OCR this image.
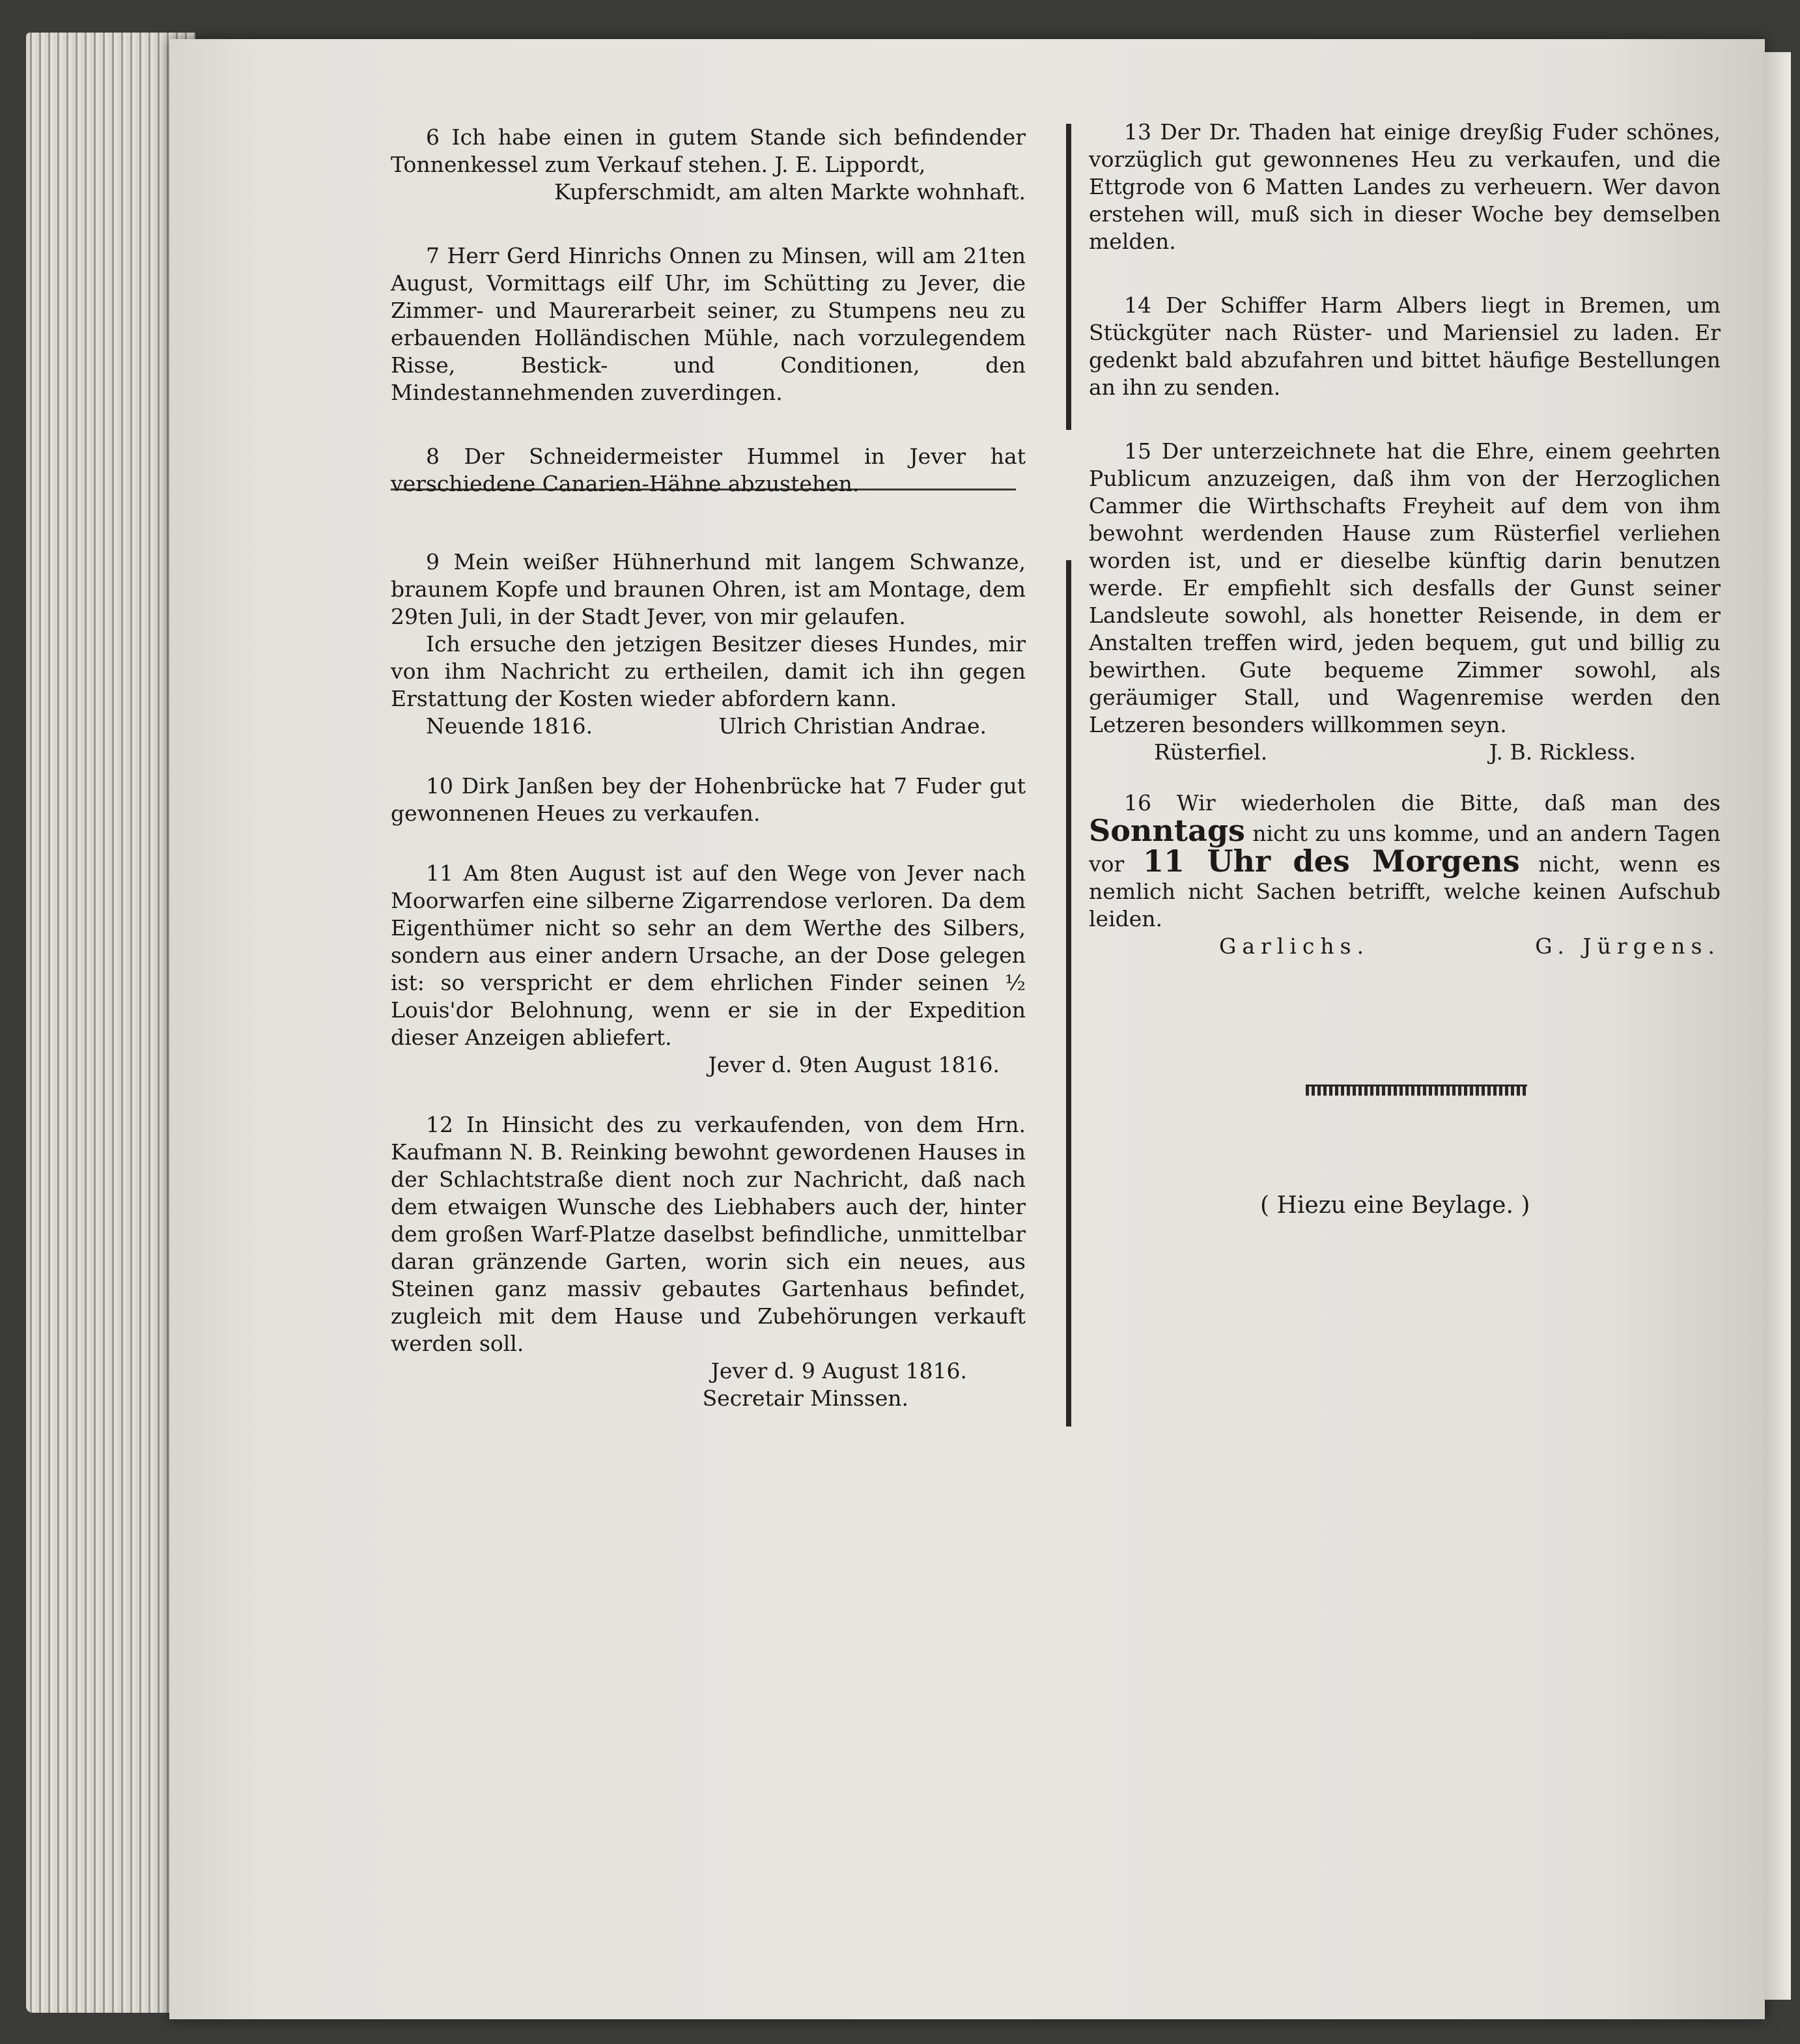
6 Ich habe einen in gutem Stande sich befindender Tonnenkessel zum Verkauf stehen. J. E. Lippordt,

Kupferschmidt, am alten Markte wohnhaft.

7 Herr Gerd Hinrichs Onnen zu Minsen, will am 21ten August, Vormittags eilf Uhr, im Schütting zu Jever, die Zimmer- und Maurerarbeit seiner, zu Stumpens neu zu erbauenden Holländischen Mühle, nach vorzulegendem Risse, Bestick- und Conditionen, den Mindestannehmenden zuverdingen.

8 Der Schneidermeister Hummel in Jever hat verschiedene Canarien-Hähne abzustehen.

9 Mein weißer Hühnerhund mit langem Schwanze, braunem Kopfe und braunen Ohren, ist am Montage, dem 29ten Juli, in der Stadt Jever, von mir gelaufen.

Ich ersuche den jetzigen Besitzer dieses Hundes, mir von ihm Nachricht zu ertheilen, damit ich ihn gegen Erstattung der Kosten wieder abfordern kann.

Neuende 1816.	Ulrich Christian Andrae.

10 Dirk Janßen bey der Hohenbrücke hat 7 Fuder gut gewonnenen Heues zu verkaufen.

11 Am 8ten August ist auf den Wege von Jever nach Moorwarfen eine silberne Zigarrendose verloren. Da dem Eigenthümer nicht so sehr an dem Werthe des Silbers, sondern aus einer andern Ursache, an der Dose gelegen ist: so verspricht er dem ehrlichen Finder seinen ½ Louis'dor Belohnung, wenn er sie in der Expedition dieser Anzeigen abliefert.

Jever d. 9ten August 1816.

12 In Hinsicht des zu verkaufenden, von dem Hrn. Kaufmann N. B. Reinking bewohnt gewordenen Hauses in der Schlachtstraße dient noch zur Nachricht, daß nach dem etwaigen Wunsche des Liebhabers auch der, hinter dem großen Warf-Platze daselbst befindliche, unmittelbar daran gränzende Garten, worin sich ein neues, aus Steinen ganz massiv gebautes Gartenhaus befindet, zugleich mit dem Hause und Zubehörungen verkauft werden soll.

Jever d. 9 August 1816.

Secretair Minssen.

13 Der Dr. Thaden hat einige dreyßig Fuder schönes, vorzüglich gut gewonnenes Heu zu verkaufen, und die Ettgrode von 6 Matten Landes zu verheuern. Wer davon erstehen will, muß sich in dieser Woche bey demselben melden.

14 Der Schiffer Harm Albers liegt in Bremen, um Stückgüter nach Rüster- und Mariensiel zu laden. Er gedenkt bald abzufahren und bittet häufige Bestellungen an ihn zu senden.

15 Der unterzeichnete hat die Ehre, einem geehrten Publicum anzuzeigen, daß ihm von der Herzoglichen Cammer die Wirthschafts Freyheit auf dem von ihm bewohnt werdenden Hause zum Rüsterfiel verliehen worden ist, und er dieselbe künftig darin benutzen werde. Er empfiehlt sich desfalls der Gunst seiner Landsleute sowohl, als honetter Reisende, in dem er Anstalten treffen wird, jeden bequem, gut und billig zu bewirthen. Gute bequeme Zimmer sowohl, als geräumiger Stall, und Wagenremise werden den Letzeren besonders willkommen seyn.

Rüsterfiel.	J. B. Rickless.

16 Wir wiederholen die Bitte, daß man des Sonntags nicht zu uns komme, und an andern Tagen vor 11 Uhr des Morgens nicht, wenn es nemlich nicht Sachen betrifft, welche keinen Aufschub leiden.

Garlichs.	G. Jürgens.
( Hiezu eine Beylage. )
